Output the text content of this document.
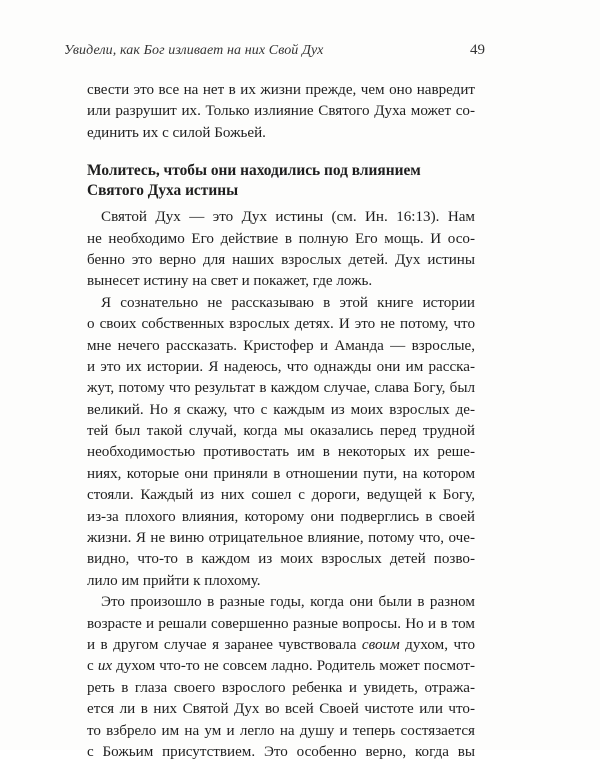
Увидели, как Бог изливает на них Свой Дух	49

свести это все на нет в их жизни прежде, чем оно навредит
или разрушит их. Только излияние Святого Духа может со-
единить их с силой Божьей.

Молитесь, чтобы они находились под влиянием
Святого Духа истины

Святой Дух — это Дух истины (см. Ин. 16:13). Нам
не необходимо Его действие в полную Его мощь. И осо-
бенно это верно для наших взрослых детей. Дух истины
вынесет истину на свет и покажет, где ложь.

Я сознательно не рассказываю в этой книге истории
о своих собственных взрослых детях. И это не потому, что
мне нечего рассказать. Кристофер и Аманда — взрослые,
и это их истории. Я надеюсь, что однажды они им расска-
жут, потому что результат в каждом случае, слава Богу, был
великий. Но я скажу, что с каждым из моих взрослых де-
тей был такой случай, когда мы оказались перед трудной
необходимостью противостать им в некоторых их реше-
ниях, которые они приняли в отношении пути, на котором
стояли. Каждый из них сошел с дороги, ведущей к Богу,
из-за плохого влияния, которому они подверглись в своей
жизни. Я не виню отрицательное влияние, потому что, оче-
видно, что-то в каждом из моих взрослых детей позво-
лило им прийти к плохому.

Это произошло в разные годы, когда они были в разном
возрасте и решали совершенно разные вопросы. Но и в том
и в другом случае я заранее чувствовала своим духом, что
с их духом что-то не совсем ладно. Родитель может посмот-
реть в глаза своего взрослого ребенка и увидеть, отража-
ется ли в них Святой Дух во всей Своей чистоте или что-
то взбрело им на ум и легло на душу и теперь состязается
с Божьим присутствием. Это особенно верно, когда вы
